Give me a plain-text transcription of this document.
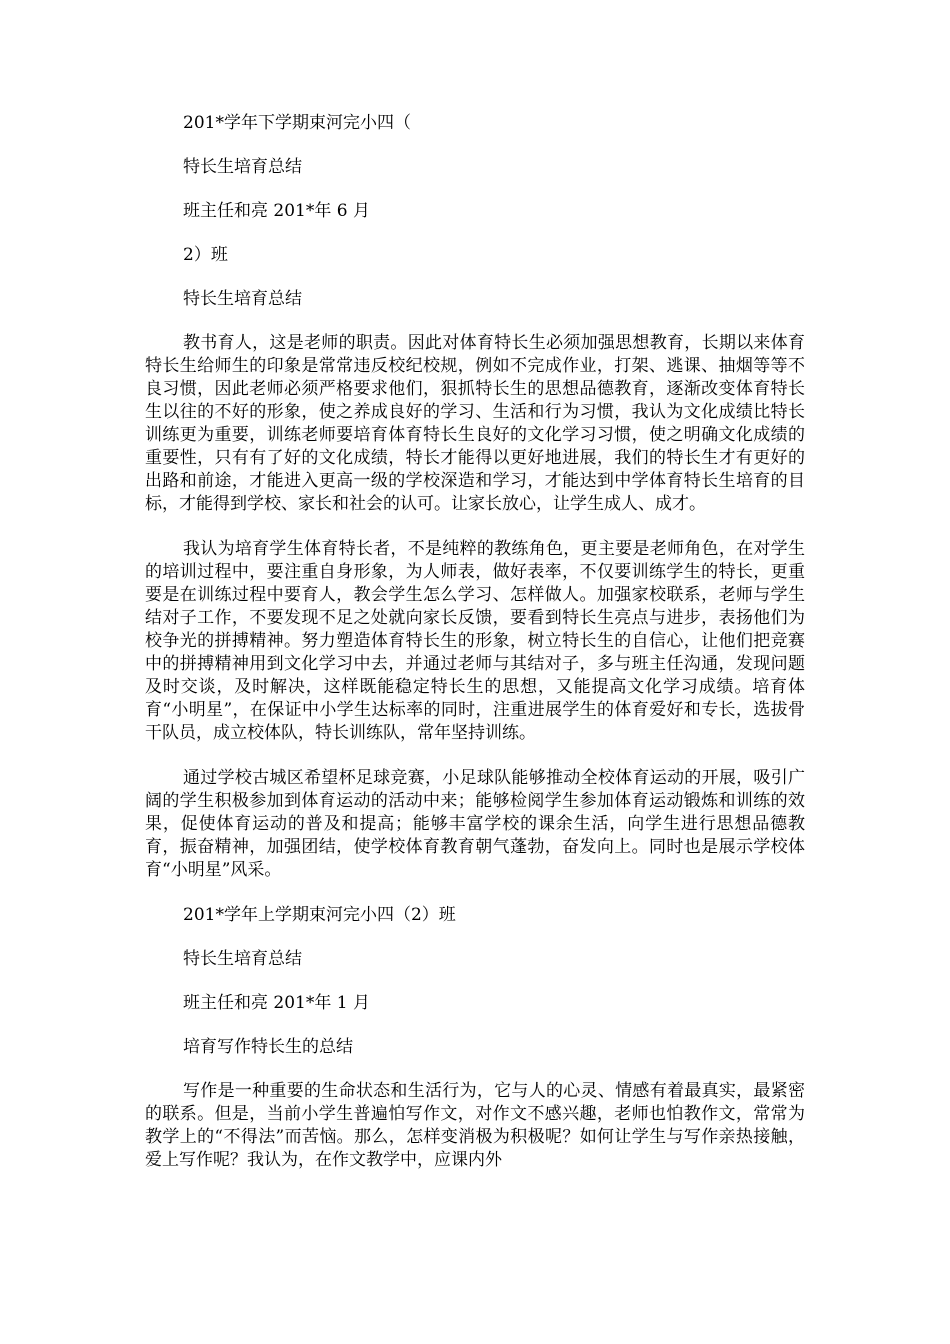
201*学年下学期束河完小四（

特长生培育总结

班主任和亮 201*年 6 月

2）班

特长生培育总结

教书育人，这是老师的职责。因此对体育特长生必须加强思想教育，长期以来体育特长生给师生的印象是常常违反校纪校规，例如不完成作业，打架、逃课、抽烟等等不良习惯，因此老师必须严格要求他们，狠抓特长生的思想品德教育，逐渐改变体育特长生以往的不好的形象，使之养成良好的学习、生活和行为习惯，我认为文化成绩比特长训练更为重要，训练老师要培育体育特长生良好的文化学习习惯，使之明确文化成绩的重要性，只有有了好的文化成绩，特长才能得以更好地进展，我们的特长生才有更好的出路和前途，才能进入更高一级的学校深造和学习，才能达到中学体育特长生培育的目标，才能得到学校、家长和社会的认可。让家长放心，让学生成人、成才。

我认为培育学生体育特长者，不是纯粹的教练角色，更主要是老师角色，在对学生的培训过程中，要注重自身形象，为人师表，做好表率，不仅要训练学生的特长，更重要是在训练过程中要育人，教会学生怎么学习、怎样做人。加强家校联系，老师与学生结对子工作，不要发现不足之处就向家长反馈，要看到特长生亮点与进步，表扬他们为校争光的拼搏精神。努力塑造体育特长生的形象，树立特长生的自信心，让他们把竞赛中的拼搏精神用到文化学习中去，并通过老师与其结对子，多与班主任沟通，发现问题及时交谈，及时解决，这样既能稳定特长生的思想，又能提高文化学习成绩。培育体育“小明星”，在保证中小学生达标率的同时，注重进展学生的体育爱好和专长，选拔骨干队员，成立校体队，特长训练队，常年坚持训练。

通过学校古城区希望杯足球竞赛，小足球队能够推动全校体育运动的开展，吸引广阔的学生积极参加到体育运动的活动中来；能够检阅学生参加体育运动锻炼和训练的效果，促使体育运动的普及和提高；能够丰富学校的课余生活，向学生进行思想品德教育，振奋精神，加强团结，使学校体育教育朝气蓬勃，奋发向上。同时也是展示学校体育“小明星”风采。

201*学年上学期束河完小四（2）班

特长生培育总结

班主任和亮 201*年 1 月

培育写作特长生的总结

写作是一种重要的生命状态和生活行为，它与人的心灵、情感有着最真实，最紧密的联系。但是，当前小学生普遍怕写作文，对作文不感兴趣，老师也怕教作文，常常为教学上的“不得法”而苦恼。那么，怎样变消极为积极呢？如何让学生与写作亲热接触，爱上写作呢？我认为，在作文教学中，应课内外
